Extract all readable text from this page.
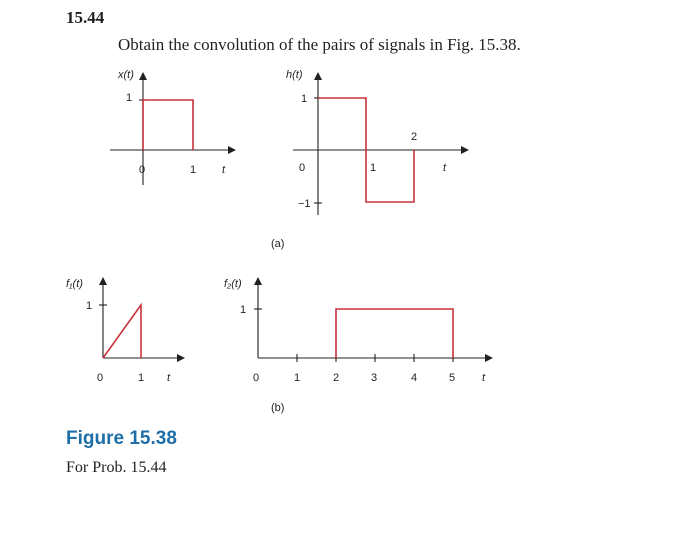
15.44
Obtain the convolution of the pairs of signals in Fig. 15.38.
x(t)
1
0	1 t
h(t)
1
−1
0	1
2
t
(a)
f₁(t)
1
0	1 t
f₂(t)
1
0	1	2	3	4	5 t
(b)
Figure 15.38
For Prob. 15.44
